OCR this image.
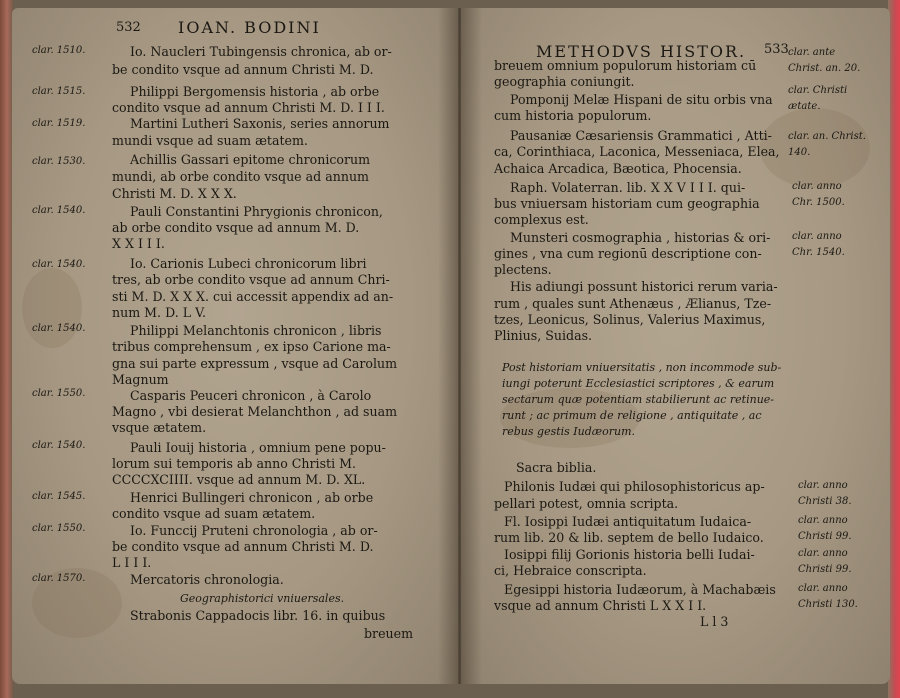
532 IOAN. BODINI
clar. 1510.
clar. 1515.
clar. 1519.
clar. 1530.
clar. 1540.
clar. 1540.
clar. 1540.
clar. 1550.
clar. 1540.
clar. 1545.
clar. 1550.
clar. 1570.
Io. Naucleri Tubingensis chronica, ab or-
be condito vsque ad annum Christi M. D.
Philippi Bergomensis historia , ab orbe
condito vsque ad annum Christi M. D. I I I.
Martini Lutheri Saxonis, series annorum
mundi vsque ad suam ætatem.
Achillis Gassari epitome chronicorum
mundi, ab orbe condito vsque ad annum
Christi M. D. X X X.
Pauli Constantini Phrygionis chronicon,
ab orbe condito vsque ad annum M. D.
X X I I I.
Io. Carionis Lubeci chronicorum libri
tres, ab orbe condito vsque ad annum Chri-
sti M. D. X X X. cui accessit appendix ad an-
num M. D. L V.
Philippi Melanchtonis chronicon , libris
tribus comprehensum , ex ipso Carione ma-
gna sui parte expressum , vsque ad Carolum
Magnum
Casparis Peuceri chronicon , à Carolo
Magno , vbi desierat Melanchthon , ad suam
vsque ætatem.
Pauli Iouij historia , omnium pene popu-
lorum sui temporis ab anno Christi M.
CCCCXCIIII. vsque ad annum M. D. XL.
Henrici Bullingeri chronicon , ab orbe
condito vsque ad suam ætatem.
Io. Funccij Pruteni chronologia , ab or-
be condito vsque ad annum Christi M. D.
L I I I.
Mercatoris chronologia.
Geographistorici vniuersales.
Strabonis Cappadocis libr. 16. in quibus
breuem
METHODVS HISTOR. 533
breuem omnium populorum historiam cū
geographia coniungit.
Pomponij Melæ Hispani de situ orbis vna
cum historia populorum.
Pausaniæ Cæsariensis Grammatici , Atti-
ca, Corinthiaca, Laconica, Messeniaca, Elea,
Achaica Arcadica, Bæotica, Phocensia.
Raph. Volaterran. lib. X X V I I I. qui-
bus vniuersam historiam cum geographia
complexus est.
Munsteri cosmographia , historias & ori-
gines , vna cum regionū descriptione con-
plectens.
His adiungi possunt historici rerum varia-
rum , quales sunt Athenæus , Ælianus, Tze-
tzes, Leonicus, Solinus, Valerius Maximus,
Plinius, Suidas.
Post historiam vniuersitatis , non incommode sub-
iungi poterunt Ecclesiastici scriptores , & earum
sectarum quæ potentiam stabilierunt ac retinue-
runt ; ac primum de religione , antiquitate , ac
rebus gestis Iudæorum.
Sacra biblia.
Philonis Iudæi qui philosophistoricus ap-
pellari potest, omnia scripta.
Fl. Iosippi Iudæi antiquitatum Iudaica-
rum lib. 20 & lib. septem de bello Iudaico.
Iosippi filij Gorionis historia belli Iudai-
ci, Hebraice conscripta.
Egesippi historia Iudæorum, à Machabæis
vsque ad annum Christi L X X I I.
L l 3
clar. ante
Christ. an. 20.
clar. Christi
ætate.
clar. an. Christ.
140.
clar. anno
Chr. 1500.
clar. anno
Chr. 1540.
clar. anno
Christi 38.
clar. anno
Christi 99.
clar. anno
Christi 99.
clar. anno
Christi 130.
